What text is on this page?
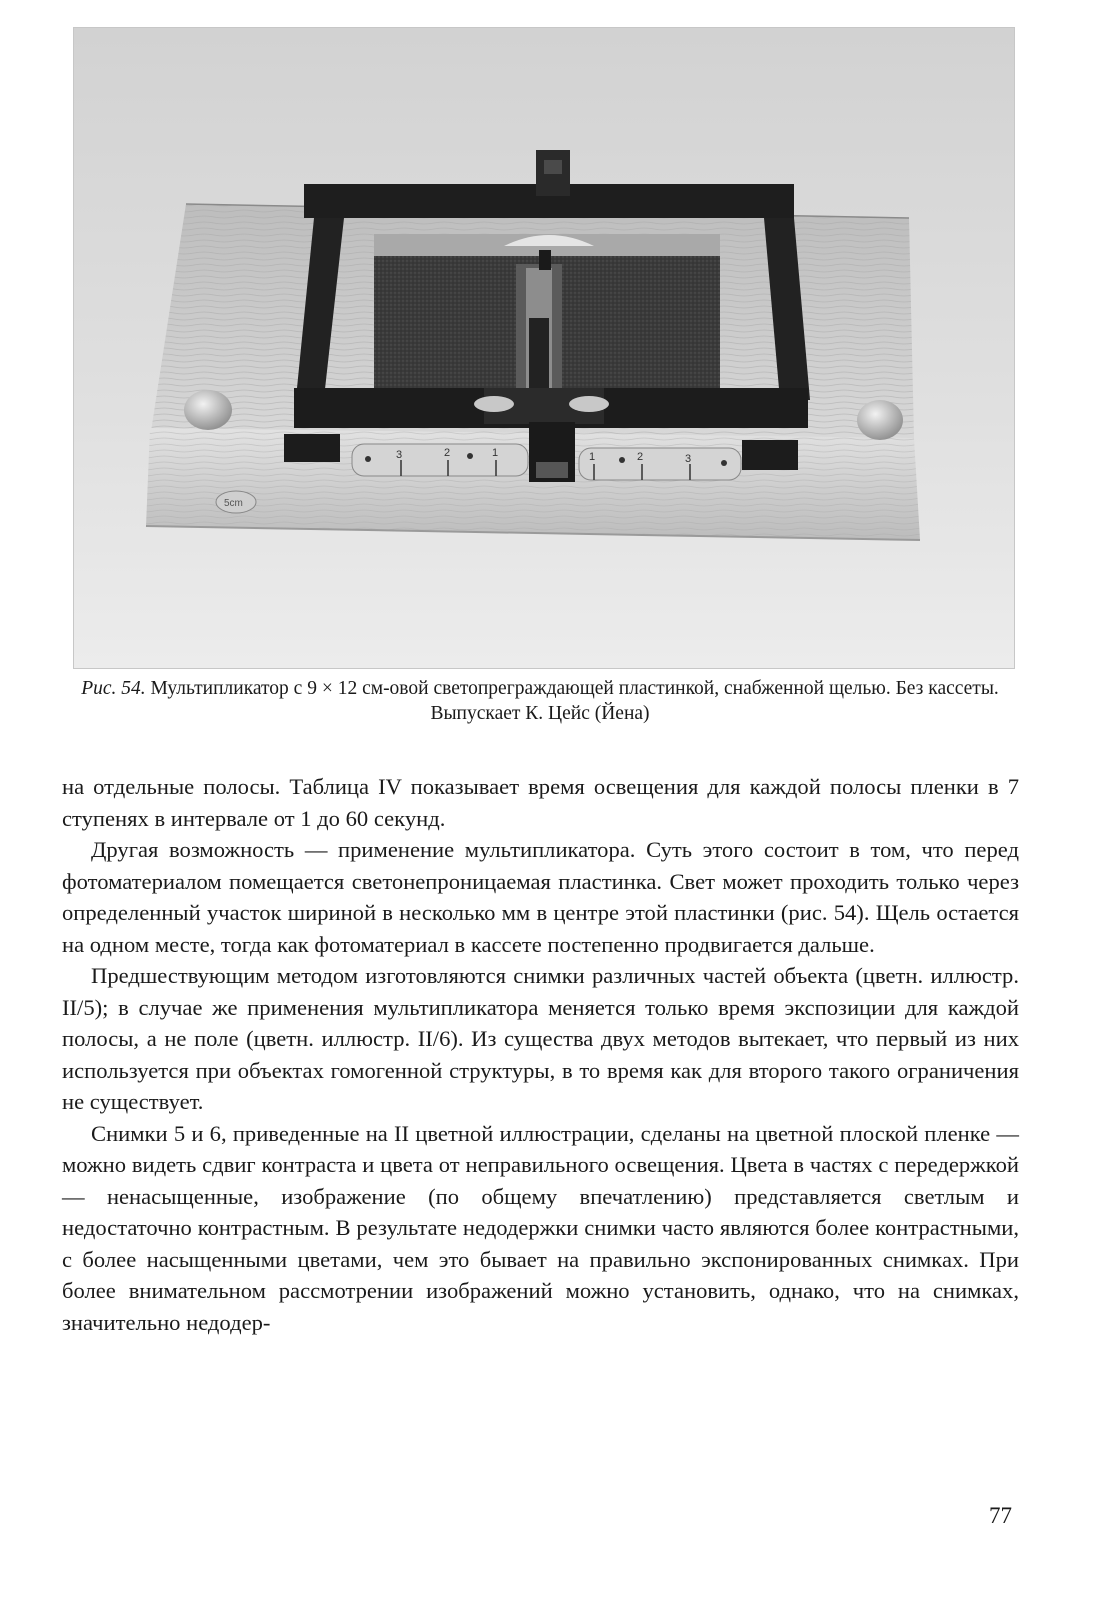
3	2	1	1	2	3
5cm
Рис. 54. Мультипликатор с 9 × 12 см-овой светопреграждающей пластинкой, снабженной щелью. Без кассеты. Выпускает К. Цейс (Йена)

на отдельные полосы. Таблица IV показывает время освещения для каждой полосы пленки в 7 ступенях в интервале от 1 до 60 секунд.

Другая возможность — применение мультипликатора. Суть этого состоит в том, что перед фотоматериалом помещается светонепроницаемая пластинка. Свет может проходить только через определенный участок шириной в несколько мм в центре этой пластинки (рис. 54). Щель остается на одном месте, тогда как фотоматериал в кассете постепенно продвигается дальше.

Предшествующим методом изготовляются снимки различных частей объекта (цветн. иллюстр. II/5); в случае же применения мультипликатора меняется только время экспозиции для каждой полосы, а не поле (цветн. иллюстр. II/6). Из существа двух методов вытекает, что первый из них используется при объектах гомогенной структуры, в то время как для второго такого ограничения не существует.

Снимки 5 и 6, приведенные на II цветной иллюстрации, сделаны на цветной плоской пленке — можно видеть сдвиг контраста и цвета от неправильного освещения. Цвета в частях с передержкой — ненасыщенные, изображение (по общему впечатлению) представляется светлым и недостаточно контрастным. В результате недодержки снимки часто являются более контрастными, с более насыщенными цветами, чем это бывает на правильно экспонированных снимках. При более внимательном рассмотрении изображений можно установить, однако, что на снимках, значительно недодер-

77
